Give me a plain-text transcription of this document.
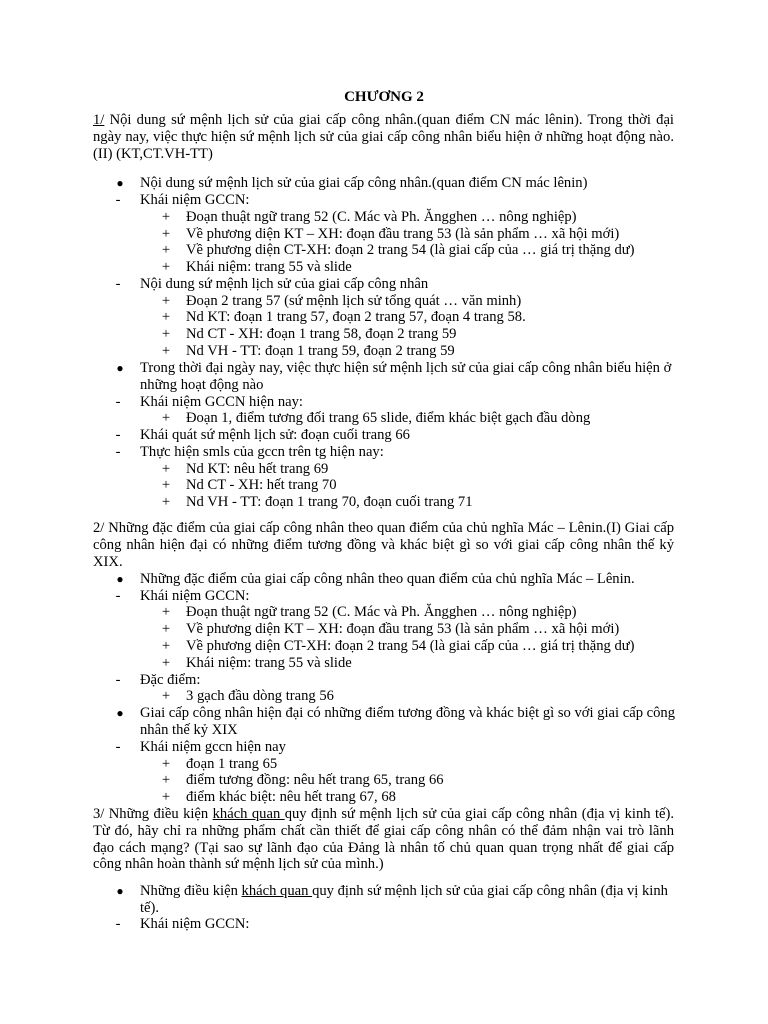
CHƯƠNG 2

1/ Nội dung sứ mệnh lịch sử của giai cấp công nhân.(quan điểm CN mác lênin). Trong thời đại ngày nay, việc thực hiện sứ mệnh lịch sử của giai cấp công nhân biểu hiện ở những hoạt động nào.(II) (KT,CT.VH-TT)

● Nội dung sứ mệnh lịch sử của giai cấp công nhân.(quan điểm CN mác lênin)
- Khái niệm GCCN:
+ Đoạn thuật ngữ trang 52 (C. Mác và Ph. Ăngghen … nông nghiệp)
+ Về phương diện KT – XH: đoạn đầu trang 53 (là sản phẩm … xã hội mới)
+ Về phương diện CT-XH: đoạn 2 trang 54 (là giai cấp của … giá trị thặng dư)
+ Khái niệm: trang 55 và slide
- Nội dung sứ mệnh lịch sử của giai cấp công nhân
+ Đoạn 2 trang 57 (sứ mệnh lịch sử tổng quát … văn minh)
+ Nd KT: đoạn 1 trang 57, đoạn 2 trang 57, đoạn 4 trang 58.
+ Nd CT - XH: đoạn 1 trang 58, đoạn 2 trang 59
+ Nd VH - TT: đoạn 1 trang 59, đoạn 2 trang 59
● Trong thời đại ngày nay, việc thực hiện sứ mệnh lịch sử của giai cấp công nhân biểu hiện ở những hoạt động nào
- Khái niệm GCCN hiện nay:
+ Đoạn 1, điểm tương đối trang 65 slide, điểm khác biệt gạch đầu dòng
- Khái quát sứ mệnh lịch sử: đoạn cuối trang 66
- Thực hiện smls của gccn trên tg hiện nay:
+ Nd KT: nêu hết trang 69
+ Nd CT - XH: hết trang 70
+ Nd VH - TT: đoạn 1 trang 70, đoạn cuối trang 71

2/ Những đặc điểm của giai cấp công nhân theo quan điểm của chủ nghĩa Mác – Lênin.(I) Giai cấp công nhân hiện đại có những điểm tương đồng và khác biệt gì so với giai cấp công nhân thế kỷ XIX.

● Những đặc điểm của giai cấp công nhân theo quan điểm của chủ nghĩa Mác – Lênin.
- Khái niệm GCCN:
+ Đoạn thuật ngữ trang 52 (C. Mác và Ph. Ăngghen … nông nghiệp)
+ Về phương diện KT – XH: đoạn đầu trang 53 (là sản phẩm … xã hội mới)
+ Về phương diện CT-XH: đoạn 2 trang 54 (là giai cấp của … giá trị thặng dư)
+ Khái niệm: trang 55 và slide
- Đặc điểm:
+ 3 gạch đầu dòng trang 56
● Giai cấp công nhân hiện đại có những điểm tương đồng và khác biệt gì so với giai cấp công nhân thế kỷ XIX
- Khái niệm gccn hiện nay
+ đoạn 1 trang 65
+ điểm tương đồng: nêu hết trang 65, trang 66
+ điểm khác biệt: nêu hết trang 67, 68

3/ Những điều kiện khách quan quy định sứ mệnh lịch sử của giai cấp công nhân (địa vị kinh tế). Từ đó, hãy chỉ ra những phẩm chất cần thiết để giai cấp công nhân có thể đảm nhận vai trò lãnh đạo cách mạng? (Tại sao sự lãnh đạo của Đảng là nhân tố chủ quan quan trọng nhất để giai cấp công nhân hoàn thành sứ mệnh lịch sử của mình.)

● Những điều kiện khách quan quy định sứ mệnh lịch sử của giai cấp công nhân (địa vị kinh tế).
- Khái niệm GCCN:
